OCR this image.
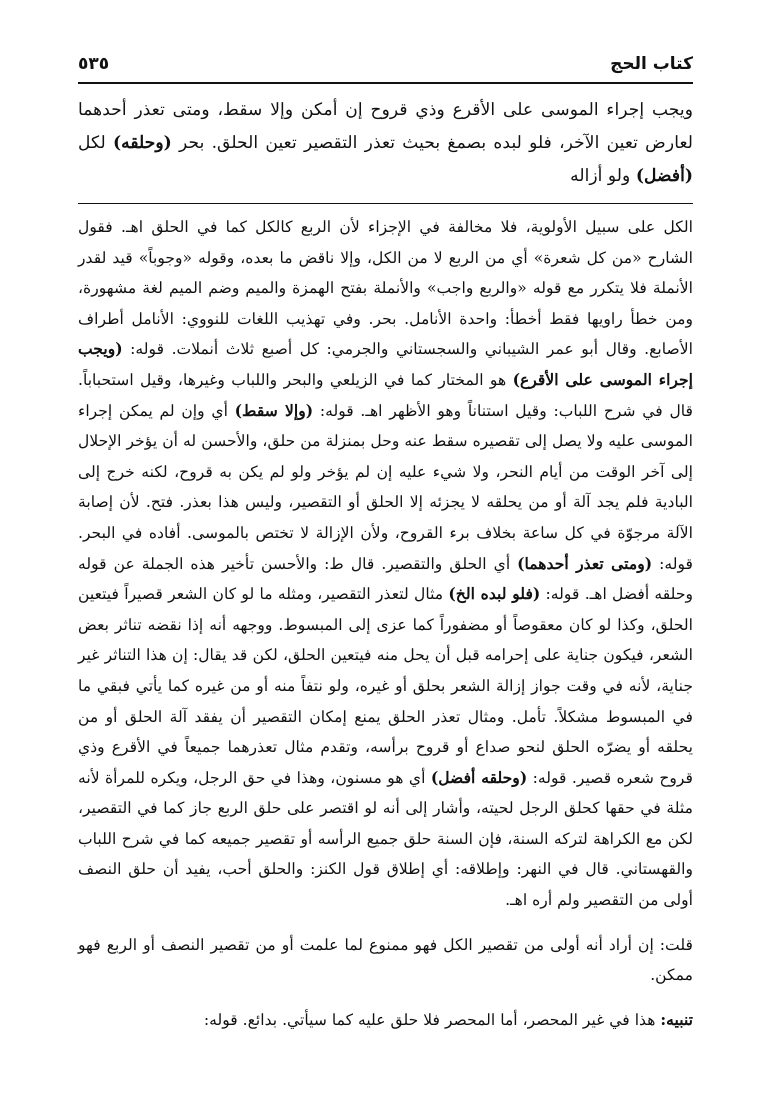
كتاب الحج
٥٣٥

ويجب إجراء الموسى على الأقرع وذي قروح إن أمكن وإلا سقط، ومتى تعذر أحدهما لعارض تعين الآخر، فلو لبده بصمغ بحيث تعذر التقصير تعين الحلق. بحر (وحلقه) لكل (أفضل) ولو أزاله

الكل على سبيل الأولوية، فلا مخالفة في الإجزاء لأن الربع كالكل كما في الحلق اهـ. فقول الشارح «من كل شعرة» أي من الربع لا من الكل، وإلا ناقض ما بعده، وقوله «وجوباً» قيد لقدر الأنملة فلا يتكرر مع قوله «والربع واجب» والأنملة بفتح الهمزة والميم وضم الميم لغة مشهورة، ومن خطأ راويها فقط أخطأ: واحدة الأنامل. بحر. وفي تهذيب اللغات للنووي: الأنامل أطراف الأصابع. وقال أبو عمر الشيباني والسجستاني والجرمي: كل أصبع ثلاث أنملات. قوله: (ويجب إجراء الموسى على الأقرع) هو المختار كما في الزيلعي والبحر واللباب وغيرها، وقيل استحباباً. قال في شرح اللباب: وقيل استناناً وهو الأظهر اهـ. قوله: (وإلا سقط) أي وإن لم يمكن إجراء الموسى عليه ولا يصل إلى تقصيره سقط عنه وحل بمنزلة من حلق، والأحسن له أن يؤخر الإحلال إلى آخر الوقت من أيام النحر، ولا شيء عليه إن لم يؤخر ولو لم يكن به قروح، لكنه خرج إلى البادية فلم يجد آلة أو من يحلقه لا يجزئه إلا الحلق أو التقصير، وليس هذا بعذر. فتح. لأن إصابة الآلة مرجوّة في كل ساعة بخلاف برء القروح، ولأن الإزالة لا تختص بالموسى. أفاده في البحر. قوله: (ومتى تعذر أحدهما) أي الحلق والتقصير. قال ط: والأحسن تأخير هذه الجملة عن قوله وحلقه أفضل اهـ. قوله: (فلو لبده الخ) مثال لتعذر التقصير، ومثله ما لو كان الشعر قصيراً فيتعين الحلق، وكذا لو كان معقوصاً أو مضفوراً كما عزى إلى المبسوط. ووجهه أنه إذا نقضه تناثر بعض الشعر، فيكون جناية على إحرامه قبل أن يحل منه فيتعين الحلق، لكن قد يقال: إن هذا التناثر غير جناية، لأنه في وقت جواز إزالة الشعر بحلق أو غيره، ولو نتفاً منه أو من غيره كما يأتي فبقي ما في المبسوط مشكلاً. تأمل. ومثال تعذر الحلق يمنع إمكان التقصير أن يفقد آلة الحلق أو من يحلقه أو يضرّه الحلق لنحو صداع أو قروح برأسه، وتقدم مثال تعذرهما جميعاً في الأقرع وذي قروح شعره قصير. قوله: (وحلقه أفضل) أي هو مسنون، وهذا في حق الرجل، ويكره للمرأة لأنه مثلة في حقها كحلق الرجل لحيته، وأشار إلى أنه لو اقتصر على حلق الربع جاز كما في التقصير، لكن مع الكراهة لتركه السنة، فإن السنة حلق جميع الرأسه أو تقصير جميعه كما في شرح اللباب والقهستاني. قال في النهر: وإطلاقه: أي إطلاق قول الكنز: والحلق أحب، يفيد أن حلق النصف أولى من التقصير ولم أره اهـ.

قلت: إن أراد أنه أولى من تقصير الكل فهو ممنوع لما علمت أو من تقصير النصف أو الربع فهو ممكن.

تنبيه: هذا في غير المحصر، أما المحصر فلا حلق عليه كما سيأتي. بدائع. قوله:
